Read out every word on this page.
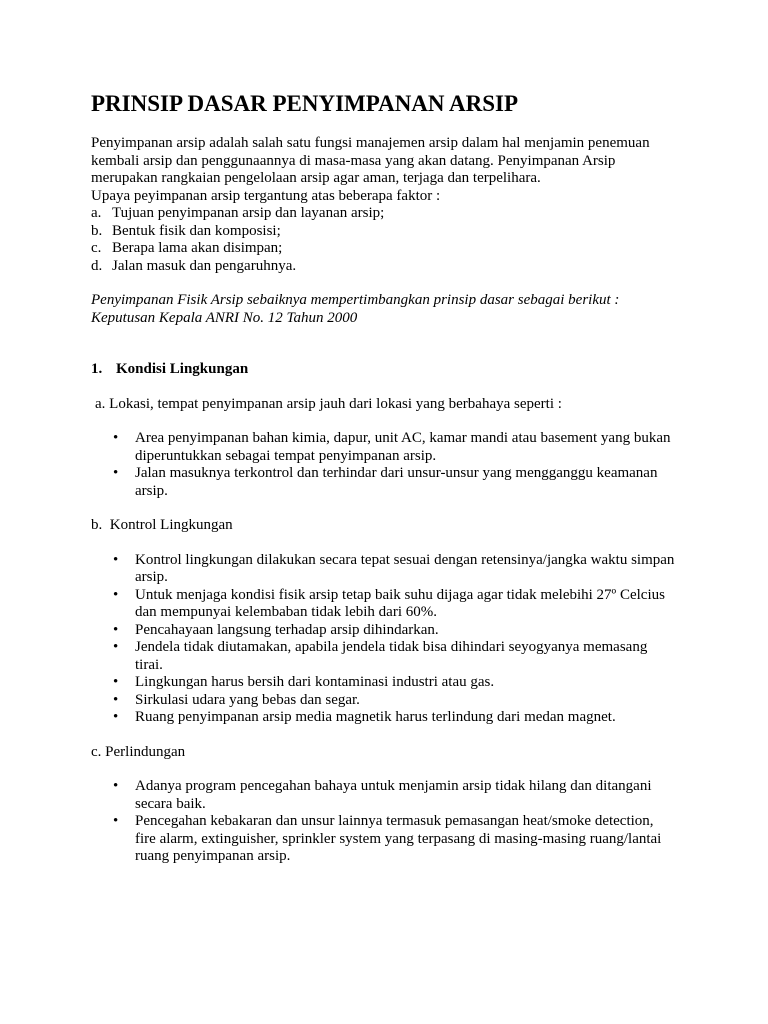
PRINSIP DASAR PENYIMPANAN ARSIP

Penyimpanan arsip adalah salah satu fungsi manajemen arsip dalam hal menjamin penemuan

kembali arsip dan penggunaannya di masa-masa yang akan datang. Penyimpanan Arsip

merupakan rangkaian pengelolaan arsip agar aman, terjaga dan terpelihara.

Upaya peyimpanan arsip tergantung atas beberapa faktor :

a. Tujuan penyimpanan arsip dan layanan arsip;
b. Bentuk fisik dan komposisi;
c. Berapa lama akan disimpan;
d. Jalan masuk dan pengaruhnya.

Penyimpanan Fisik Arsip sebaiknya mempertimbangkan prinsip dasar sebagai berikut :

Keputusan Kepala ANRI No. 12 Tahun 2000

1. Kondisi Lingkungan
a. Lokasi, tempat penyimpanan arsip jauh dari lokasi yang berbahaya seperti :
•	Area penyimpanan bahan kimia, dapur, unit AC, kamar mandi atau basement yang bukan
diperuntukkan sebagai tempat penyimpanan arsip.
•	Jalan masuknya terkontrol dan terhindar dari unsur-unsur yang mengganggu keamanan
arsip.
b.  Kontrol Lingkungan
•	Kontrol lingkungan dilakukan secara tepat sesuai dengan retensinya/jangka waktu simpan
arsip.
•	Untuk menjaga kondisi fisik arsip tetap baik suhu dijaga agar tidak melebihi 27º Celcius
dan mempunyai kelembaban tidak lebih dari 60%.
•	Pencahayaan langsung terhadap arsip dihindarkan.
•	Jendela tidak diutamakan, apabila jendela tidak bisa dihindari seyogyanya memasang
tirai.
•	Lingkungan harus bersih dari kontaminasi industri atau gas.
•	Sirkulasi udara yang bebas dan segar.
•	Ruang penyimpanan arsip media magnetik harus terlindung dari medan magnet.
c. Perlindungan
•	Adanya program pencegahan bahaya untuk menjamin arsip tidak hilang dan ditangani
secara baik.
•	Pencegahan kebakaran dan unsur lainnya termasuk pemasangan heat/smoke detection,
fire alarm, extinguisher, sprinkler system yang terpasang di masing-masing ruang/lantai
ruang penyimpanan arsip.
